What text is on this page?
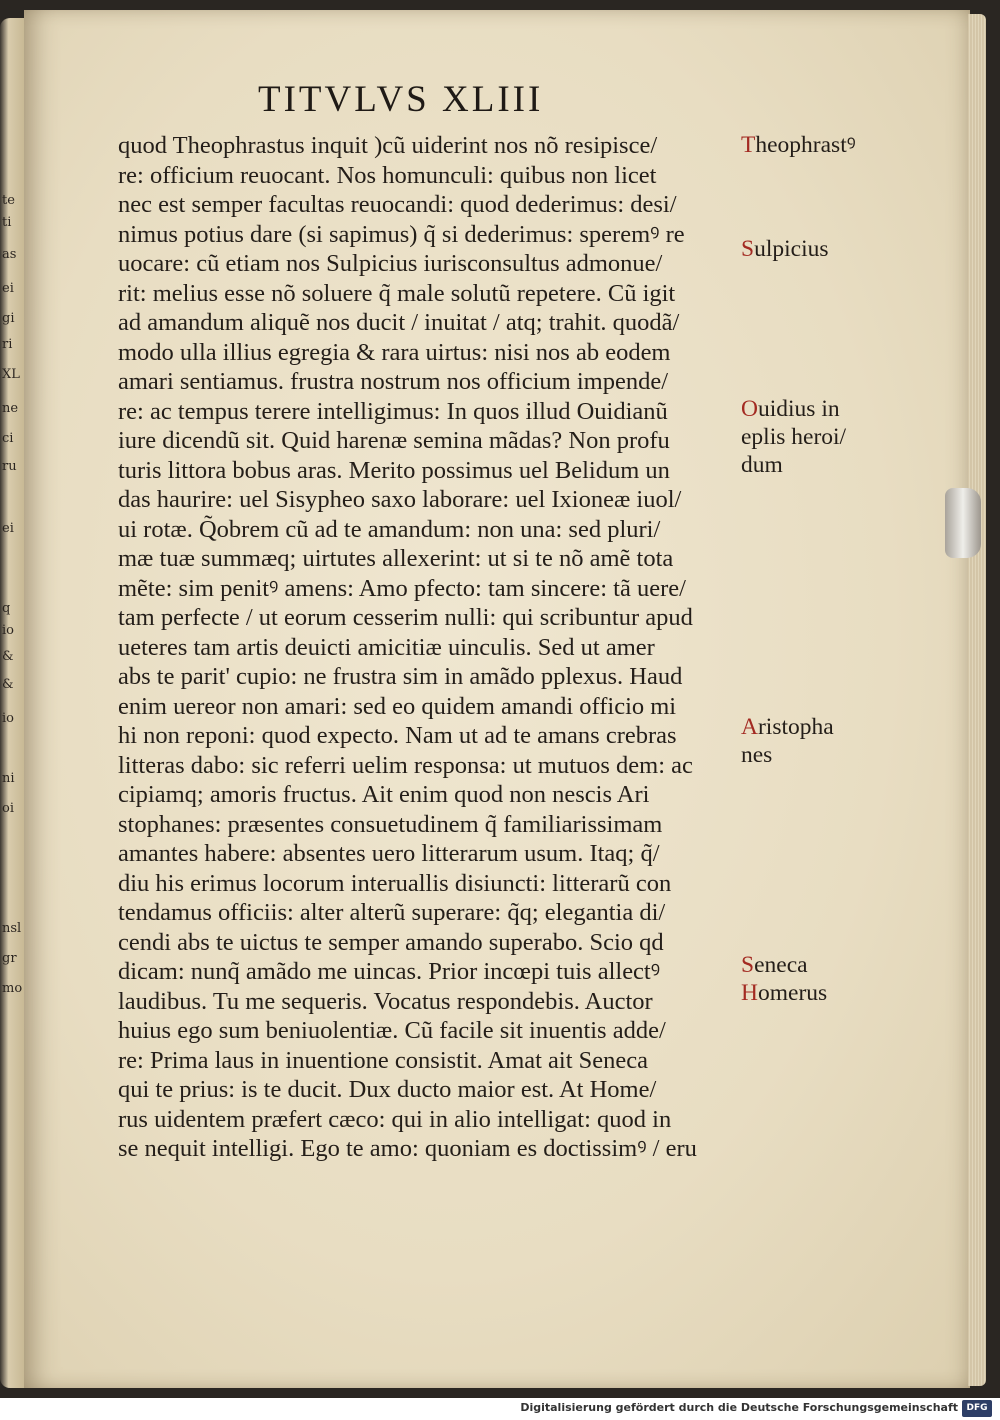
te
ti
as
ei
gi
ri
XL
ne
ci
ru
ei
q
io
&
&
io
ni
oi
nsl
gr
mo
TITVLVS XLIII
quod Theophrastus inquit )cũ uiderint nos nõ resipisce/
re: officium reuocant. Nos homunculi: quibus non licet
nec est semper facultas reuocandi: quod dederimus: desi/
nimus potius dare (si sapimus) q̃ si dederimus: speremꝰ re
uocare: cũ etiam nos Sulpicius iurisconsultus admonue/
rit: melius esse nõ soluere q̃ male solutũ repetere. Cũ igit
ad amandum aliquẽ nos ducit / inuitat / atq; trahit. quodã/
modo ulla illius egregia & rara uirtus: nisi nos ab eodem
amari sentiamus. frustra nostrum nos officium impende/
re: ac tempus terere intelligimus: In quos illud Ouidianũ
iure dicendũ sit. Quid harenæ semina mãdas? Non profu
turis littora bobus aras. Merito possimus uel Belidum un
das haurire: uel Sisypheo saxo laborare: uel Ixioneæ iuol/
ui rotæ. Q̃obrem cũ ad te amandum: non una: sed pluri/
mæ tuæ summæq; uirtutes allexerint: ut si te nõ amẽ tota
mẽte: sim penitꝰ amens: Amo pfecto: tam sincere: tã uere/
tam perfecte / ut eorum cesserim nulli: qui scribuntur apud
ueteres tam artis deuicti amicitiæ uinculis. Sed ut amer
abs te parit' cupio: ne frustra sim in amãdo pplexus. Haud
enim uereor non amari: sed eo quidem amandi officio mi
hi non reponi: quod expecto. Nam ut ad te amans crebras
litteras dabo: sic referri uelim responsa: ut mutuos dem: ac
cipiamq; amoris fructus. Ait enim quod non nescis Ari
stophanes: præsentes consuetudinem q̃ familiarissimam
amantes habere: absentes uero litterarum usum. Itaq; q̃/
diu his erimus locorum interuallis disiuncti: litterarũ con
tendamus officiis: alter alterũ superare: q̃q; elegantia di/
cendi abs te uictus te semper amando superabo. Scio qd
dicam: nunq̃ amãdo me uincas. Prior incœpi tuis allectꝰ
laudibus. Tu me sequeris. Vocatus respondebis. Auctor
huius ego sum beniuolentiæ. Cũ facile sit inuentis adde/
re: Prima laus in inuentione consistit. Amat ait Seneca
qui te prius: is te ducit. Dux ducto maior est. At Home/
rus uidentem præfert cæco: qui in alio intelligat: quod in
se nequit intelligi. Ego te amo: quoniam es doctissimꝰ / eru
Theophrastꝰ
Sulpicius
Ouidius in
eplis heroi/
dum
Aristopha
nes
Seneca
Homerus
Digitalisierung gefördert durch die Deutsche Forschungsgemeinschaft DFG
